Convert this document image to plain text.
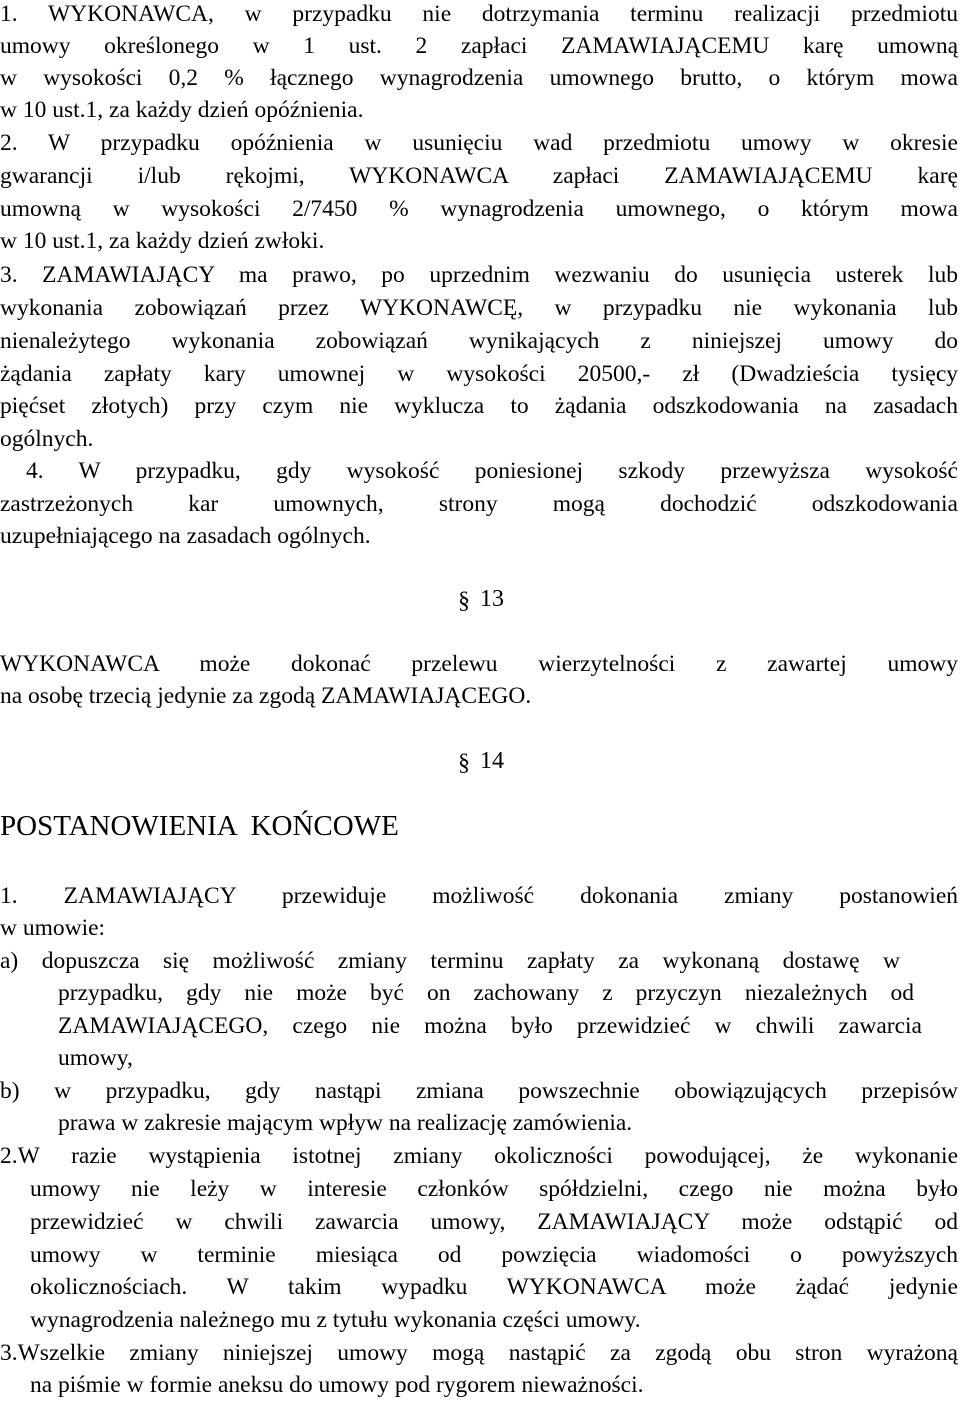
1. WYKONAWCA, w przypadku nie dotrzymania terminu realizacji przedmiotu
umowy określonego w 1 ust. 2 zapłaci ZAMAWIAJĄCEMU karę umowną
w wysokości 0,2 % łącznego wynagrodzenia umownego brutto, o którym mowa
w 10 ust.1, za każdy dzień opóźnienia.
2. W przypadku opóźnienia w usunięciu wad przedmiotu umowy w okresie
gwarancji i/lub rękojmi, WYKONAWCA zapłaci ZAMAWIAJĄCEMU karę
umowną w wysokości 2/7450 % wynagrodzenia umownego, o którym mowa
w 10 ust.1, za każdy dzień zwłoki.
3. ZAMAWIAJĄCY ma prawo, po uprzednim wezwaniu do usunięcia usterek lub
wykonania zobowiązań przez WYKONAWCĘ, w przypadku nie wykonania lub
nienależytego wykonania zobowiązań wynikających z niniejszej umowy do
żądania zapłaty kary umownej w wysokości 20500,- zł (Dwadzieścia tysięcy
pięćset złotych) przy czym nie wyklucza to żądania odszkodowania na zasadach
ogólnych.
4. W przypadku, gdy wysokość poniesionej szkody przewyższa wysokość
zastrzeżonych kar umownych, strony mogą dochodzić odszkodowania
uzupełniającego na zasadach ogólnych.
§ 13
WYKONAWCA może dokonać przelewu wierzytelności z zawartej umowy
na osobę trzecią jedynie za zgodą ZAMAWIAJĄCEGO.
§ 14
POSTANOWIENIA  KOŃCOWE
1. ZAMAWIAJĄCY przewiduje możliwość dokonania zmiany postanowień
w umowie:
a) dopuszcza się możliwość zmiany terminu zapłaty za wykonaną dostawę w
przypadku, gdy nie może być on zachowany z przyczyn niezależnych od
ZAMAWIAJĄCEGO, czego nie można było przewidzieć w chwili zawarcia
umowy,
b) w przypadku, gdy nastąpi zmiana powszechnie obowiązujących przepisów
prawa w zakresie mającym wpływ na realizację zamówienia.
2.W razie wystąpienia istotnej zmiany okoliczności powodującej, że wykonanie
umowy nie leży w interesie członków spółdzielni, czego nie można było
przewidzieć w chwili zawarcia umowy, ZAMAWIAJĄCY może odstąpić od
umowy w terminie miesiąca od powzięcia wiadomości o powyższych
okolicznościach. W takim wypadku WYKONAWCA może żądać jedynie
wynagrodzenia należnego mu z tytułu wykonania części umowy.
3.Wszelkie zmiany niniejszej umowy mogą nastąpić za zgodą obu stron wyrażoną
na piśmie w formie aneksu do umowy pod rygorem nieważności.
